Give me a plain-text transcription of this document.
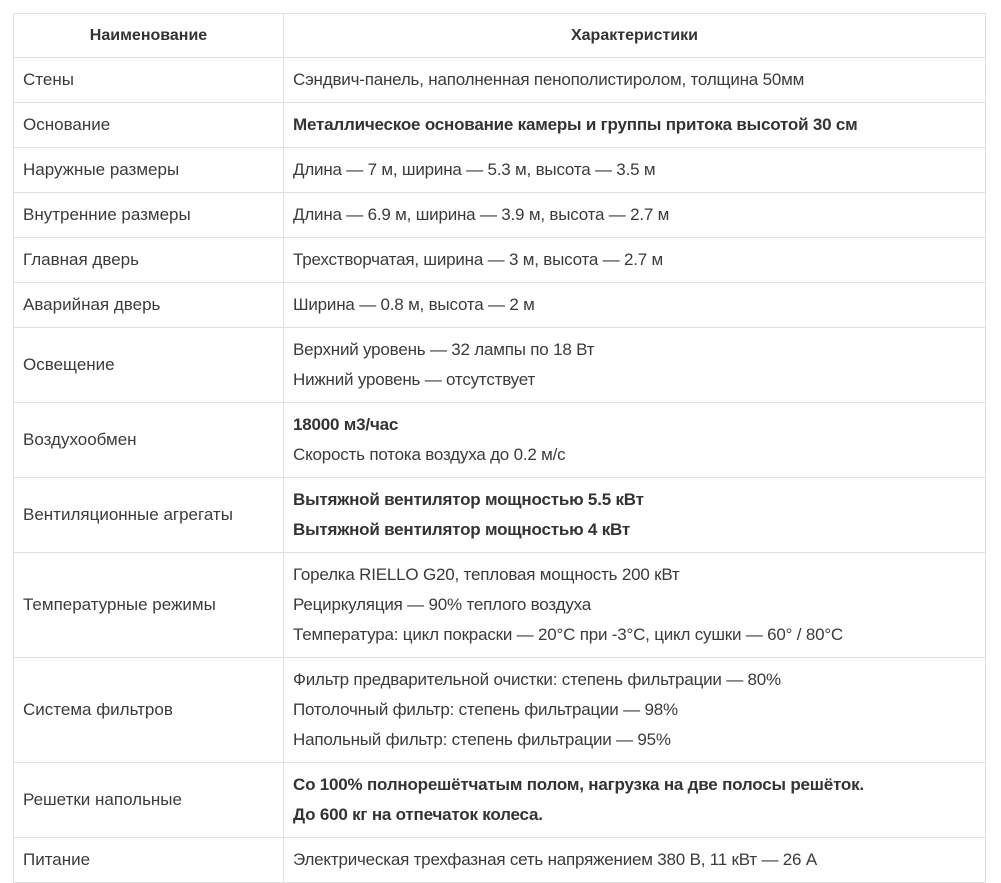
Наименование	Характеристики
Стены	Сэндвич-панель, наполненная пенополистиролом, толщина 50мм

Основание	Металлическое основание камеры и группы притока высотой 30 см

Наружные размеры	Длина — 7 м, ширина — 5.3 м, высота — 3.5 м

Внутренние размеры	Длина — 6.9 м, ширина — 3.9 м, высота — 2.7 м

Главная дверь	Трехстворчатая, ширина — 3 м, высота — 2.7 м

Аварийная дверь	Ширина — 0.8 м, высота — 2 м

Освещение	Верхний уровень — 32 лампы по 18 Вт
Нижний уровень — отсутствует

Воздухообмен	18000 м3/час
Скорость потока воздуха до 0.2 м/с

Вентиляционные агрегаты	Вытяжной вентилятор мощностью 5.5 кВт
Вытяжной вентилятор мощностью 4 кВт

Температурные режимы	Горелка RIELLO G20, тепловая мощность 200 кВт
Рециркуляция — 90% теплого воздуха
Температура: цикл покраски — 20°C при -3°C, цикл сушки — 60° / 80°C

Система фильтров	Фильтр предварительной очистки: степень фильтрации — 80%
Потолочный фильтр: степень фильтрации — 98%
Напольный фильтр: степень фильтрации — 95%

Решетки напольные	Со 100% полнорешётчатым полом, нагрузка на две полосы решёток.
До 600 кг на отпечаток колеса.

Питание	Электрическая трехфазная сеть напряжением 380 В, 11 кВт — 26 А
